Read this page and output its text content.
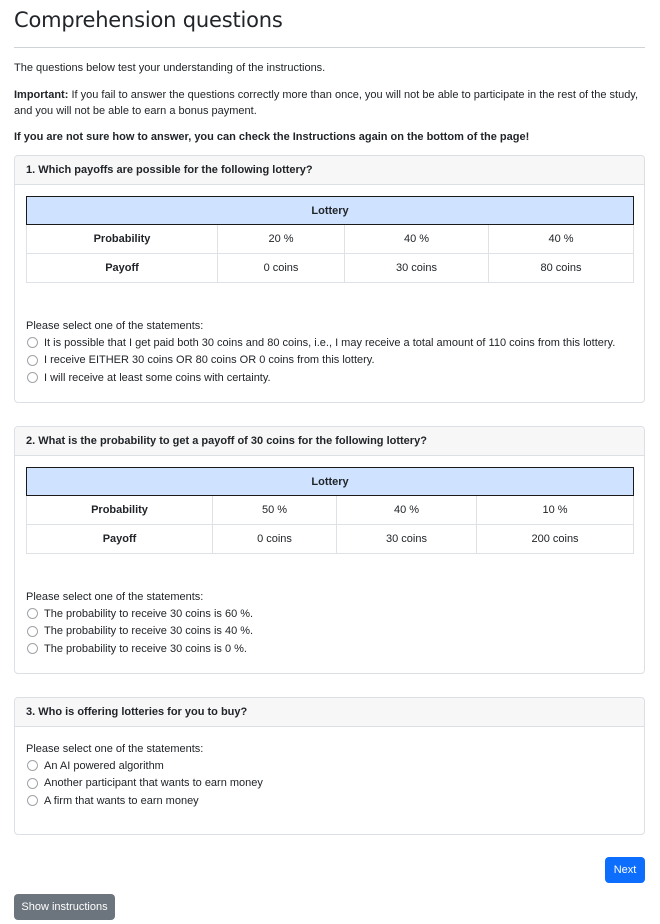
Comprehension questions
The questions below test your understanding of the instructions.
Important: If you fail to answer the questions correctly more than once, you will not be able to participate in the rest of the study, and you will not be able to earn a bonus payment.
If you are not sure how to answer, you can check the Instructions again on the bottom of the page!
1. Which payoffs are possible for the following lottery?
Lottery			
Probability	20 %	40 %	40 %
Payoff	0 coins	30 coins	80 coins
Please select one of the statements:
It is possible that I get paid both 30 coins and 80 coins, i.e., I may receive a total amount of 110 coins from this lottery.
I receive EITHER 30 coins OR 80 coins OR 0 coins from this lottery.
I will receive at least some coins with certainty.
2. What is the probability to get a payoff of 30 coins for the following lottery?
Lottery			
Probability	50 %	40 %	10 %
Payoff	0 coins	30 coins	200 coins
Please select one of the statements:
The probability to receive 30 coins is 60 %.
The probability to receive 30 coins is 40 %.
The probability to receive 30 coins is 0 %.
3. Who is offering lotteries for you to buy?
Please select one of the statements:
An AI powered algorithm
Another participant that wants to earn money
A firm that wants to earn money
Next
Show instructions
